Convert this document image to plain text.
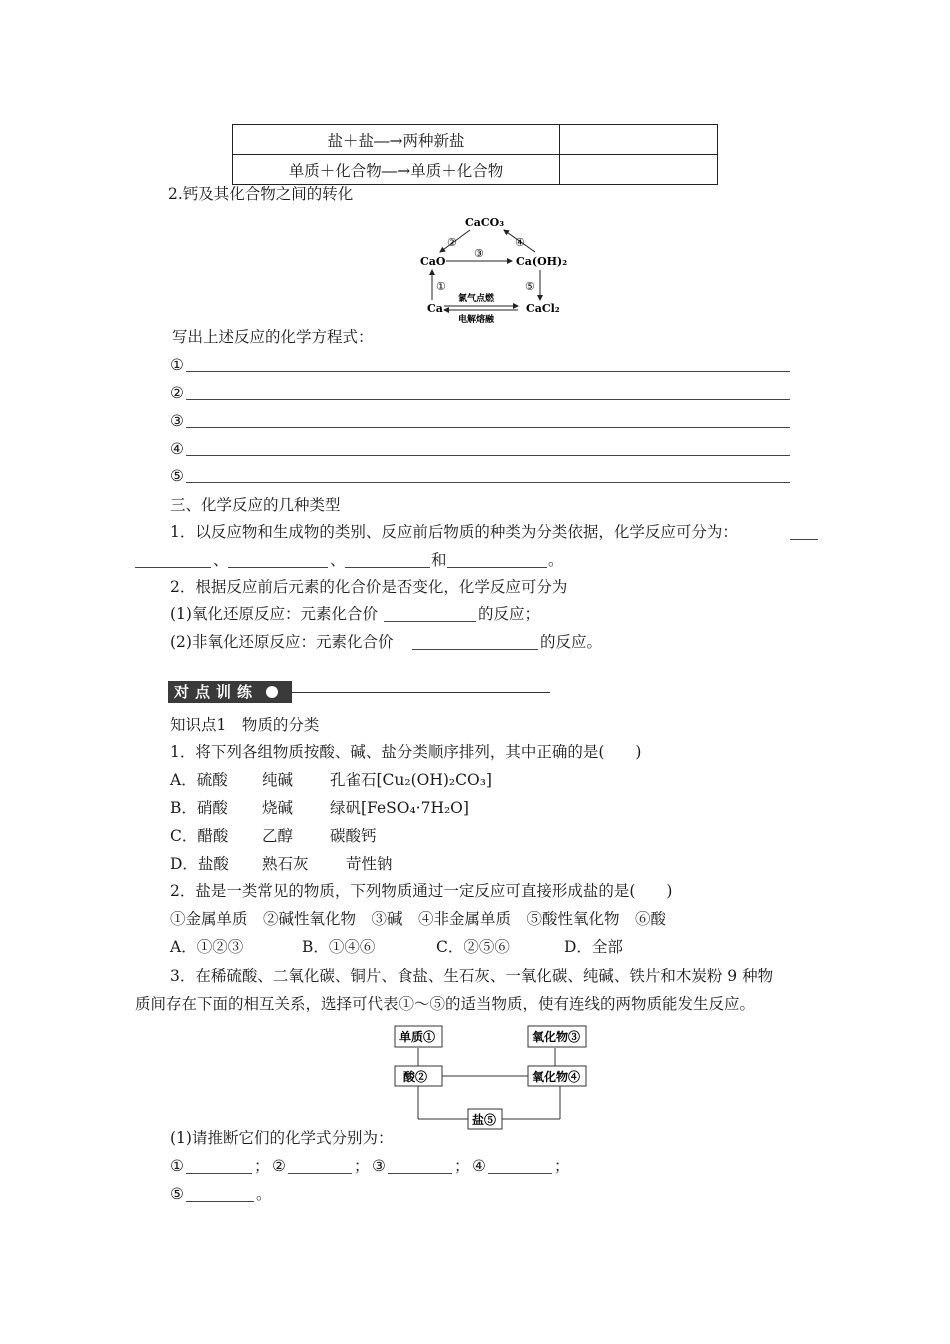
盐＋盐―→两种新盐	
单质＋化合物―→单质＋化合物	
2.钙及其化合物之间的转化
CaCO₃
CaO	Ca(OH)₂
Ca	CaCl₂
②	④
③
①	⑤
氯气点燃
电解熔融
写出上述反应的化学方程式：
①
②
③
④
⑤
三、化学反应的几种类型
1．以反应物和生成物的类别、反应前后物质的种类为分类依据，化学反应可分为：
、	、	和	。
2．根据反应前后元素的化合价是否变化，化学反应可分为
(1)氧化还原反应：元素化合价	的反应；
(2)非氧化还原反应：元素化合价	的反应。
对点训练
知识点1　物质的分类
1．将下列各组物质按酸、碱、盐分类顺序排列，其中正确的是(　　)
A．硫酸 纯碱 孔雀石[Cu₂(OH)₂CO₃]
B．硝酸 烧碱 绿矾[FeSO₄·7H₂O]
C．醋酸 乙醇 碳酸钙
D．盐酸 熟石灰 苛性钠
2．盐是一类常见的物质，下列物质通过一定反应可直接形成盐的是(　　)
①金属单质　②碱性氧化物　③碱　④非金属单质　⑤酸性氧化物　⑥酸
A．①②③	B．①④⑥	C．②⑤⑥	D．全部
3．在稀硫酸、二氧化碳、铜片、食盐、生石灰、一氧化碳、纯碱、铁片和木炭粉 9 种物
质间存在下面的相互关系，选择可代表①～⑤的适当物质，使有连线的两物质能发生反应。
单质①
酸②
氧化物③
氧化物④
盐⑤
(1)请推断它们的化学式分别为：
①	； ②	； ③	； ④	；
⑤	。
